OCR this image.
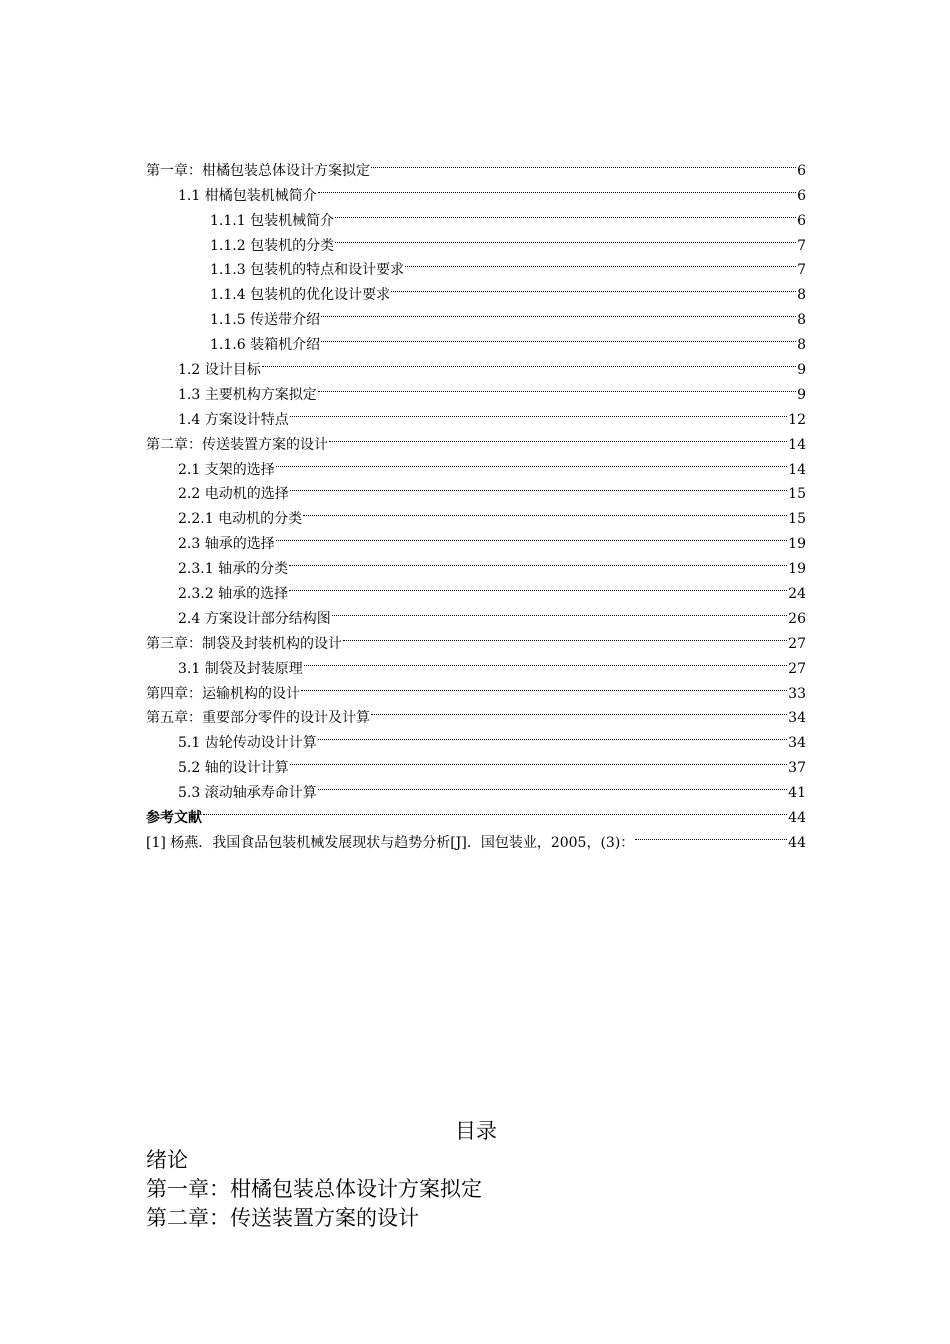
第一章：柑橘包装总体设计方案拟定	6
1.1 柑橘包装机械简介	6
1.1.1 包装机械简介	6
1.1.2 包装机的分类	7
1.1.3 包装机的特点和设计要求	7
1.1.4 包装机的优化设计要求	8
1.1.5 传送带介绍	8
1.1.6 装箱机介绍	8
1.2 设计目标	9
1.3 主要机构方案拟定	9
1.4 方案设计特点	12
第二章：传送装置方案的设计	14
2.1 支架的选择	14
2.2 电动机的选择	15
2.2.1 电动机的分类	15
2.3 轴承的选择	19
2.3.1 轴承的分类	19
2.3.2 轴承的选择	24
2.4 方案设计部分结构图	26
第三章：制袋及封装机构的设计	27
3.1 制袋及封装原理	27
第四章：运输机构的设计	33
第五章：重要部分零件的设计及计算	34
5.1 齿轮传动设计计算	34
5.2 轴的设计计算	37
5.3 滚动轴承寿命计算	41
参考文献	44
[1] 杨燕．我国食品包装机械发展现状与趋势分析[J]．国包装业，2005，(3)：	44
目录
绪论
第一章：柑橘包装总体设计方案拟定
第二章：传送装置方案的设计
